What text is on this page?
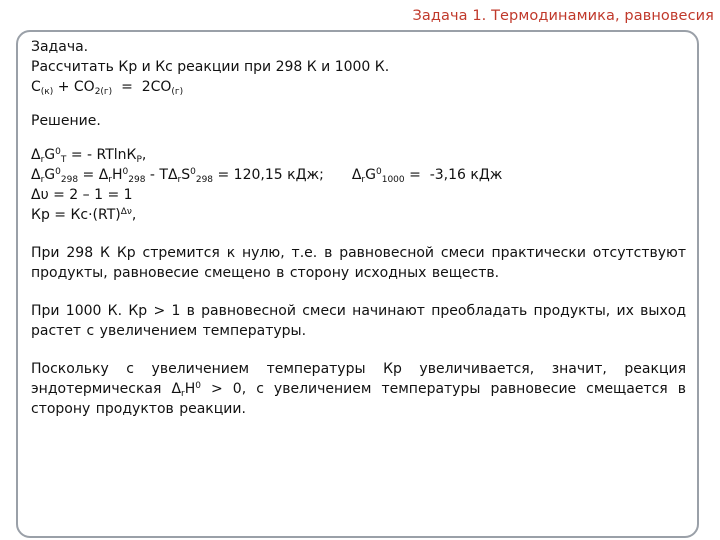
Задача 1. Термодинамика, равновесия
Задача.
Рассчитать Кp и Кc реакции при 298 К и 1000 К.
$C_{(к)} + CO_{2(г)} = 2CO_{(г)}$
Решение.
$\Delta_rG^0_T$ = - RTlnК$_P$,
$\Delta_rG^0_{298} = \Delta_rH^0_{298} - T\Delta_rS^0_{298} = 120,15$ кДж; $\Delta_rG^0_{1000} = -3,16$ кДж
Δυ = 2 – 1 = 1
Кp = Кc·(RT)$^{\Delta\nu}$,
При 298 К Кp стремится к нулю, т.е. в равновесной смеси практически отсутствуют продукты, равновесие смещено в сторону исходных веществ.
При 1000 К. Кp > 1 в равновесной смеси начинают преобладать продукты, их выход растет с увеличением температуры.
Поскольку с увеличением температуры Кp увеличивается, значит, реакция эндотермическая $\Delta_rH^0 > 0$, с увеличением температуры равновесие смещается в сторону продуктов реакции.
